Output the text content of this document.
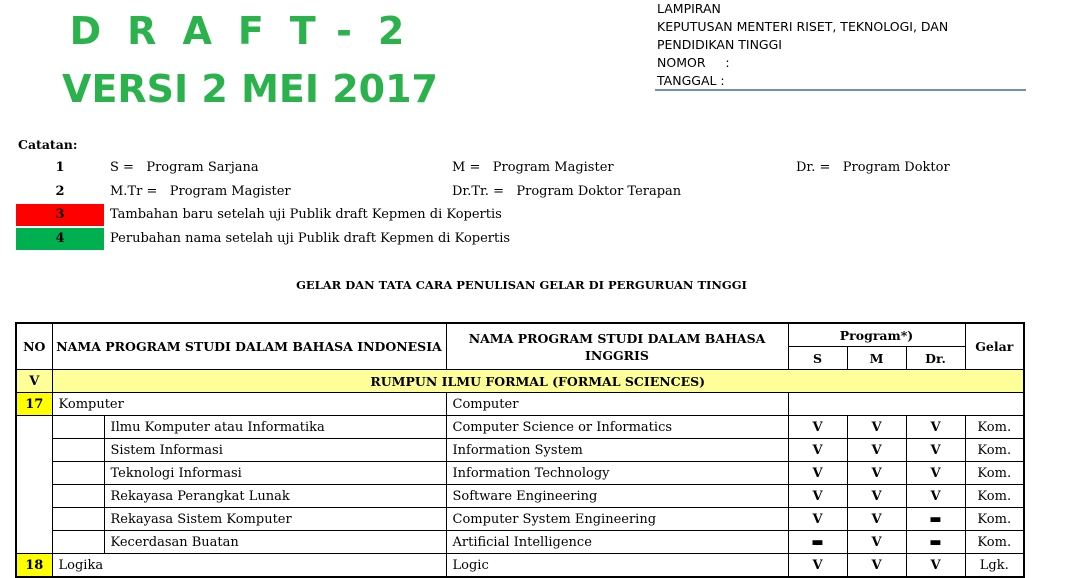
DRAFT-2
VERSI 2 MEI 2017
LAMPIRAN
KEPUTUSAN MENTERI RISET, TEKNOLOGI, DAN
PENDIDIKAN TINGGI
NOMOR     :
TANGGAL :
Catatan:
1	S =   Program Sarjana	M =   Program Magister	Dr. =   Program Doktor
2	M.Tr =   Program Magister	Dr.Tr. =   Program Doktor Terapan
3	Tambahan baru setelah uji Publik draft Kepmen di Kopertis
4	Perubahan nama setelah uji Publik draft Kepmen di Kopertis
GELAR DAN TATA CARA PENULISAN GELAR DI PERGURUAN TINGGI
NO	NAMA PROGRAM STUDI DALAM BAHASA INDONESIA		NAMA PROGRAM STUDI DALAM BAHASA INGGRIS	Program*)			Gelar
				S	M	Dr.	
V	RUMPUN ILMU FORMAL (FORMAL SCIENCES)						
17	Komputer		Computer				
		Ilmu Komputer atau Informatika	Computer Science or Informatics	V	V	V	Kom.
		Sistem Informasi	Information System	V	V	V	Kom.
		Teknologi Informasi	Information Technology	V	V	V	Kom.
		Rekayasa Perangkat Lunak	Software Engineering	V	V	V	Kom.
		Rekayasa Sistem Komputer	Computer System Engineering	V	V	▬	Kom.
		Kecerdasan Buatan	Artificial Intelligence	▬	V	▬	Kom.
18	Logika		Logic	V	V	V	Lgk.
